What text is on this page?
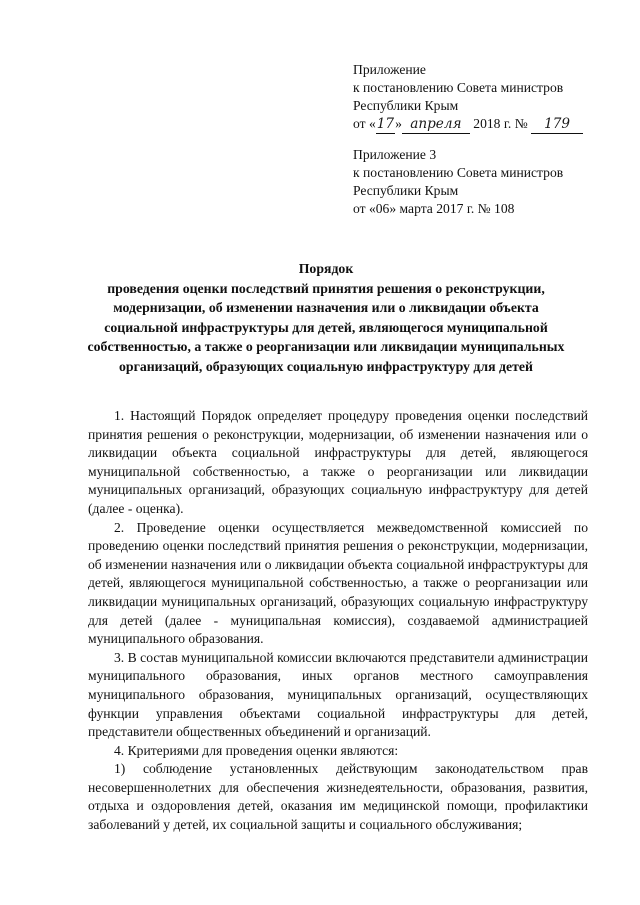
Приложение
к постановлению Совета министров
Республики Крым
от «17» апреля 2018 г. № 179
Приложение 3
к постановлению Совета министров
Республики Крым
от «06» марта 2017 г. № 108
Порядок
проведения оценки последствий принятия решения о реконструкции, модернизации, об изменении назначения или о ликвидации объекта социальной инфраструктуры для детей, являющегося муниципальной собственностью, а также о реорганизации или ликвидации муниципальных организаций, образующих социальную инфраструктуру для детей

1. Настоящий Порядок определяет процедуру проведения оценки последствий принятия решения о реконструкции, модернизации, об изменении назначения или о ликвидации объекта социальной инфраструктуры для детей, являющегося муниципальной собственностью, а также о реорганизации или ликвидации муниципальных организаций, образующих социальную инфраструктуру для детей (далее - оценка).

2. Проведение оценки осуществляется межведомственной комиссией по проведению оценки последствий принятия решения о реконструкции, модернизации, об изменении назначения или о ликвидации объекта социальной инфраструктуры для детей, являющегося муниципальной собственностью, а также о реорганизации или ликвидации муниципальных организаций, образующих социальную инфраструктуру для детей (далее - муниципальная комиссия), создаваемой администрацией муниципального образования.

3. В состав муниципальной комиссии включаются представители администрации муниципального образования, иных органов местного самоуправления муниципального образования, муниципальных организаций, осуществляющих функции управления объектами социальной инфраструктуры для детей, представители общественных объединений и организаций.

4. Критериями для проведения оценки являются:

1) соблюдение установленных действующим законодательством прав несовершеннолетних для обеспечения жизнедеятельности, образования, развития, отдыха и оздоровления детей, оказания им медицинской помощи, профилактики заболеваний у детей, их социальной защиты и социального обслуживания;
